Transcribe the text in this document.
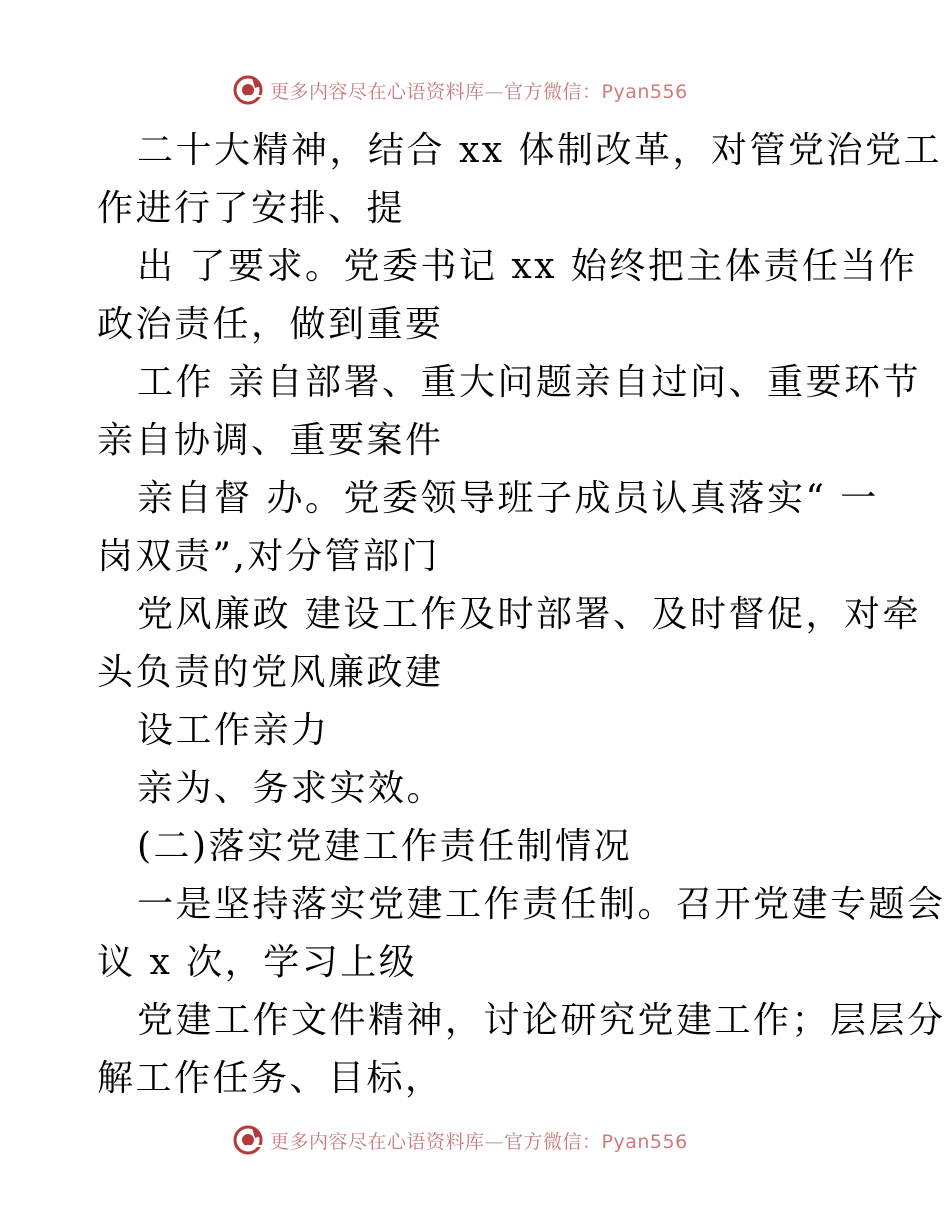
更多内容尽在心语资料库—官方微信：Pyan556
二十大精神，结合 xx 体制改革，对管党治党工
作进行了安排、提
出 了要求。党委书记 xx 始终把主体责任当作
政治责任，做到重要
工作 亲自部署、重大问题亲自过问、重要环节
亲自协调、重要案件
亲自督 办。党委领导班子成员认真落实“ 一
岗双责”,对分管部门
党风廉政 建设工作及时部署、及时督促，对牵
头负责的党风廉政建
设工作亲力
亲为、务求实效。
(二)落实党建工作责任制情况
一是坚持落实党建工作责任制。召开党建专题会
议 x 次，学习上级
党建工作文件精神，讨论研究党建工作；层层分
解工作任务、目标，
更多内容尽在心语资料库—官方微信：Pyan556
